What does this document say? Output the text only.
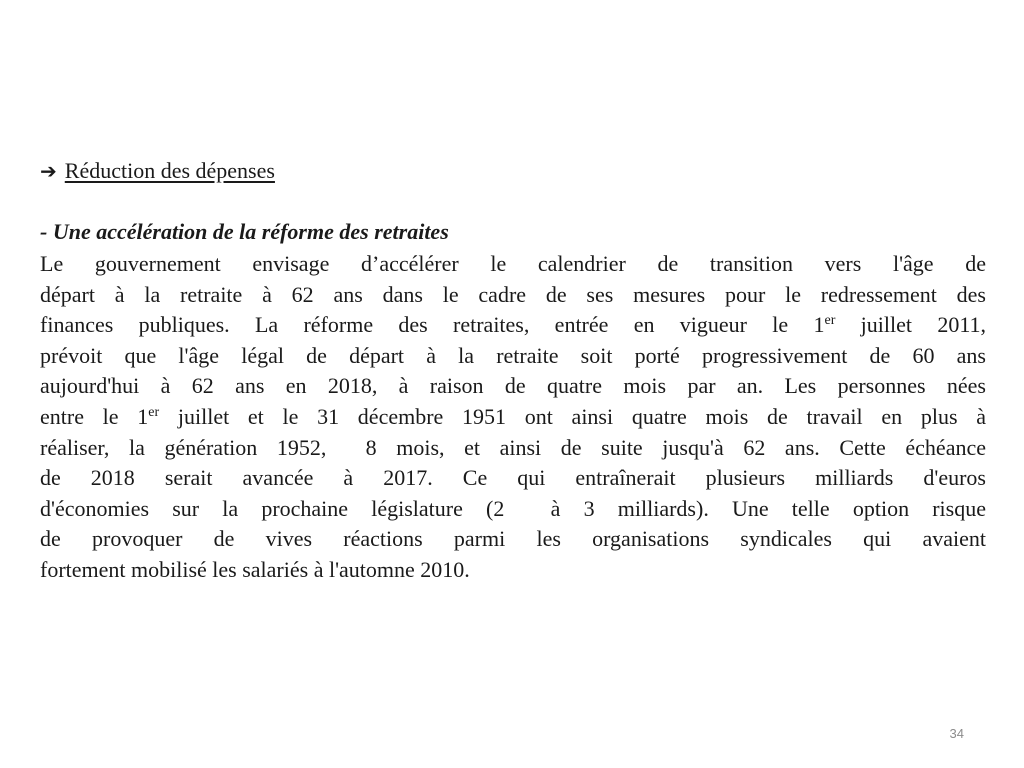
➔ Réduction des dépenses
- Une accélération de la réforme des retraites

Le gouvernement envisage d’accélérer le calendrier de transition vers l'âge de

départ à la retraite à 62 ans dans le cadre de ses mesures pour le redressement des

finances publiques. La réforme des retraites, entrée en vigueur le 1er juillet 2011,

prévoit que l'âge légal de départ à la retraite soit porté progressivement de 60 ans

aujourd'hui à 62 ans en 2018, à raison de quatre mois par an. Les personnes nées

entre le 1er juillet et le 31 décembre 1951 ont ainsi quatre mois de travail en plus à

réaliser, la génération 1952,  8 mois, et ainsi de suite jusqu'à 62 ans. Cette échéance

de 2018 serait avancée à 2017. Ce qui entraînerait plusieurs milliards d'euros

d'économies sur la prochaine législature (2  à 3 milliards). Une telle option risque

de provoquer de vives réactions parmi les organisations syndicales qui avaient

fortement mobilisé les salariés à l'automne 2010.

34
